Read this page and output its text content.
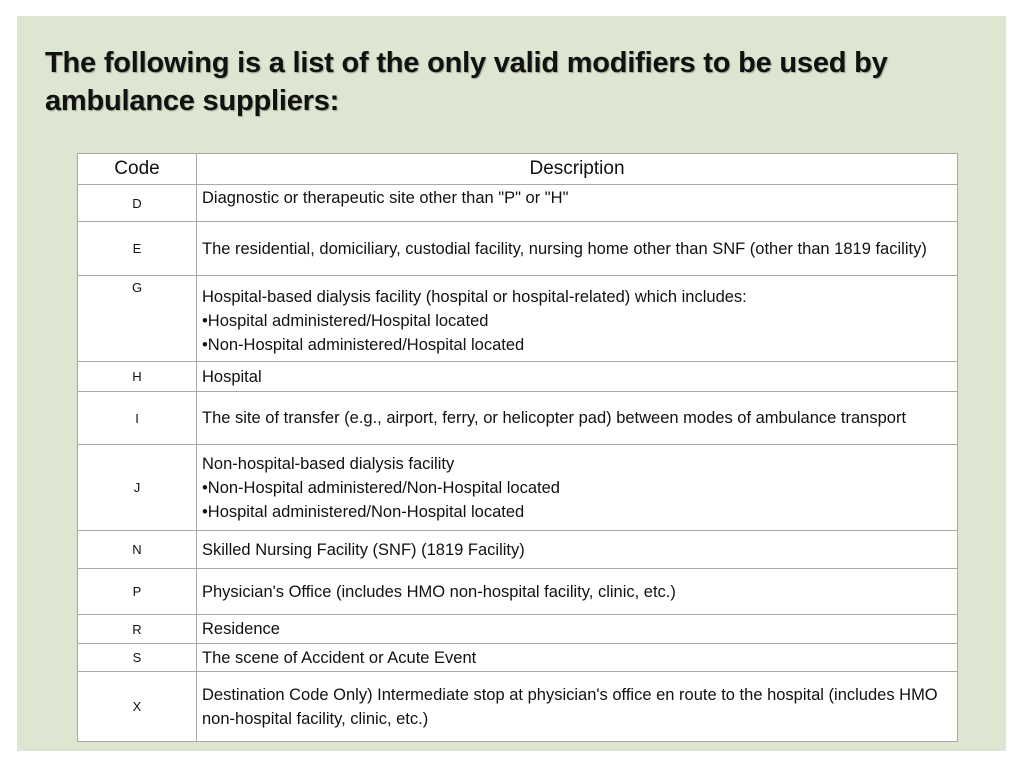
The following is a list of the only valid modifiers to be used by ambulance suppliers:
Code	Description
D	Diagnostic or therapeutic site other than "P" or "H"

E	The residential, domiciliary, custodial facility, nursing home other than SNF (other than 1819 facility)

G	Hospital-based dialysis facility (hospital or hospital-related) which includes:
•Hospital administered/Hospital located
•Non-Hospital administered/Hospital located

H	Hospital

I	The site of transfer (e.g., airport, ferry, or helicopter pad) between modes of ambulance transport

J	Non-hospital-based dialysis facility
•Non-Hospital administered/Non-Hospital located
•Hospital administered/Non-Hospital located

N	Skilled Nursing Facility (SNF) (1819 Facility)

P	Physician's Office (includes HMO non-hospital facility, clinic, etc.)

R	Residence

S	The scene of Accident or Acute Event

X	Destination Code Only) Intermediate stop at physician's office en route to the hospital (includes HMO non-hospital facility, clinic, etc.)
